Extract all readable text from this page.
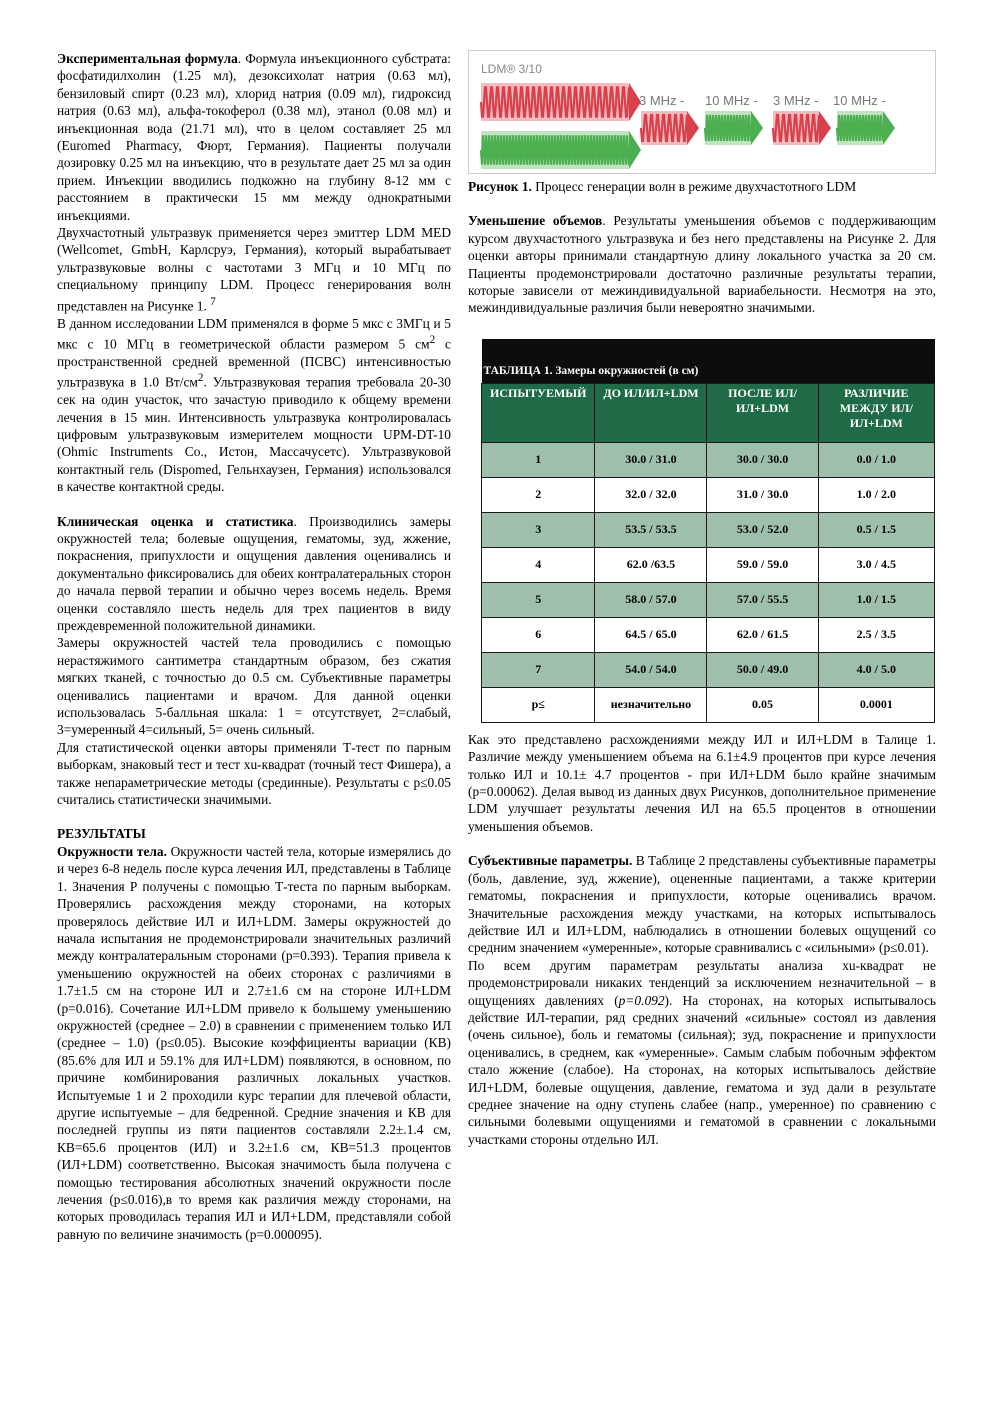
Экспериментальная формула. Формула инъекционного субстрата: фосфатидилхолин (1.25 мл), дезоксихолат натрия (0.63 мл), бензиловый спирт (0.23 мл), хлорид натрия (0.09 мл), гидроксид натрия (0.63 мл), альфа-токоферол (0.38 мл), этанол (0.08 мл) и инъекционная вода (21.71 мл), что в целом составляет 25 мл (Euromed Pharmacy, Фюрт, Германия). Пациенты получали дозировку 0.25 мл на инъекцию, что в результате дает 25 мл за один прием. Инъекции вводились подкожно на глубину 8-12 мм с расстоянием в практически 15 мм между однократными инъекциями.

Двухчастотный ультразвук применяется через эмиттер LDM MED (Wellcomet, GmbH, Карлсруэ, Германия), который вырабатывает ультразвуковые волны с частотами 3 МГц и 10 МГц по специальному принципу LDM. Процесс генерирования волн представлен на Рисунке 1. $^7$

В данном исследовании LDM применялся в форме 5 мкс с 3МГц и 5 мкс с 10 МГц в геометрической области размером 5 $см^2$ с пространственной средней временной (ПСВС) интенсивностью ультразвука в 1.0 $Вт/см^2$. Ультразвуковая терапия требовала 20-30 сек на один участок, что зачастую приводило к общему времени лечения в 15 мин. Интенсивность ультразвука контролировалась цифровым ультразвуковым измерителем мощности UPM-DT-10 (Ohmic Instruments Co., Истон, Массачусетс). Ультразвуковой контактный гель (Dispomed, Гельнхаузен, Германия) использовался в качестве контактной среды.

Клиническая оценка и статистика. Производились замеры окружностей тела; болевые ощущения, гематомы, зуд, жжение, покраснения, припухлости и ощущения давления оценивались и документально фиксировались для обеих контралатеральных сторон до начала первой терапии и обычно через восемь недель. Время оценки составляло шесть недель для трех пациентов в виду преждевременной положительной динамики.

Замеры окружностей частей тела проводились с помощью нерастяжимого сантиметра стандартным образом, без сжатия мягких тканей, с точностью до 0.5 см. Субъективные параметры оценивались пациентами и врачом. Для данной оценки использовалась 5-балльная шкала: 1 = отсутствует, 2=слабый, 3=умеренный 4=сильный, 5= очень сильный.

Для статистической оценки авторы применяли Т-тест по парным выборкам, знаковый тест и тест xu-квадрат (точный тест Фишера), а также непараметрические методы (срединные). Результаты с p≤0.05 считались статистически значимыми.

РЕЗУЛЬТАТЫ

Окружности тела. Окружности частей тела, которые измерялись до и через 6-8 недель после курса лечения ИЛ, представлены в Таблице 1. Значения Р получены с помощью Т-теста по парным выборкам. Проверялись расхождения между сторонами, на которых проверялось действие ИЛ и ИЛ+LDM. Замеры окружностей до начала испытания не продемонстрировали значительных различий между контралатеральным сторонами (p=0.393). Терапия привела к уменьшению окружностей на обеих сторонах с различиями в 1.7±1.5 см на стороне ИЛ и 2.7±1.6 см на стороне ИЛ+LDM (p=0.016). Сочетание ИЛ+LDM привело к большему уменьшению окружностей (среднее – 2.0) в сравнении с применением только ИЛ (среднее – 1.0) (p≤0.05). Высокие коэффициенты вариации (КВ) (85.6% для ИЛ и 59.1% для ИЛ+LDM) появляются, в основном, по причине комбинирования различных локальных участков. Испытуемые 1 и 2 проходили курс терапии для плечевой области, другие испытуемые – для бедренной. Средние значения и КВ для последней группы из пяти пациентов составляли 2.2±.1.4 см, КВ=65.6 процентов (ИЛ) и 3.2±1.6 см, КВ=51.3 процентов (ИЛ+LDM) соответственно. Высокая значимость была получена с помощью тестирования абсолютных значений окружности после лечения (p≤0.016),в то время как различия между сторонами, на которых проводилась терапия ИЛ и ИЛ+LDM, представляли собой равную по величине значимость (p=0.000095).

LDM® 3/10
3 MHz - 10 MHz - 3 MHz - 10 MHz -

Рисунок 1. Процесс генерации волн в режиме двухчастотного LDM

Уменьшение объемов. Результаты уменьшения объемов с поддерживающим курсом двухчастотного ультразвука и без него представлены на Рисунке 2. Для оценки авторы принимали стандартную длину локального участка за 20 см. Пациенты продемонстрировали достаточно различные результаты терапии, которые зависели от межиндивидуальной вариабельности. Несмотря на это, межиндивидуальные различия были невероятно значимыми.

ТАБЛИЦА 1. Замеры окружностей (в см)			
ИСПЫТУЕМЫЙ	ДО ИЛ/ИЛ+LDM	ПОСЛЕ ИЛ/ИЛ+LDM	РАЗЛИЧИЕ МЕЖДУ ИЛ/ИЛ+LDM
1	30.0 / 31.0	30.0 / 30.0	0.0 / 1.0
2	32.0 / 32.0	31.0 / 30.0	1.0 / 2.0
3	53.5 / 53.5	53.0 / 52.0	0.5 / 1.5
4	62.0 /63.5	59.0 / 59.0	3.0 / 4.5
5	58.0 / 57.0	57.0 / 55.5	1.0 / 1.5
6	64.5 / 65.0	62.0 / 61.5	2.5 / 3.5
7	54.0 / 54.0	50.0 / 49.0	4.0 / 5.0
p≤	незначительно	0.05	0.0001

Как это представлено расхождениями между ИЛ и ИЛ+LDM в Талице 1. Различие между уменьшением объема на 6.1±4.9 процентов при курсе лечения только ИЛ и 10.1± 4.7 процентов - при ИЛ+LDM было крайне значимым (p=0.00062). Делая вывод из данных двух Рисунков, дополнительное применение LDM улучшает результаты лечения ИЛ на 65.5 процентов в отношении уменьшения объемов.

Субъективные параметры. В Таблице 2 представлены субъективные параметры (боль, давление, зуд, жжение), оцененные пациентами, а также критерии гематомы, покраснения и припухлости, которые оценивались врачом. Значительные расхождения между участками, на которых испытывалось действие ИЛ и ИЛ+LDM, наблюдались в отношении болевых ощущений со средним значением «умеренные», которые сравнивались с «сильными» (p≤0.01).

По всем другим параметрам результаты анализа xu-квадрат не продемонстрировали никаких тенденций за исключением незначительной – в ощущениях давлениях (p=0.092). На сторонах, на которых испытывалось действие ИЛ-терапии, ряд средних значений «сильные» состоял из давления (очень сильное), боль и гематомы (сильная); зуд, покраснение и припухлости оценивались, в среднем, как «умеренные». Самым слабым побочным эффектом стало жжение (слабое). На сторонах, на которых испытывалось действие ИЛ+LDM, болевые ощущения, давление, гематома и зуд дали в результате среднее значение на одну ступень слабее (напр., умеренное) по сравнению с сильными болевыми ощущениями и гематомой в сравнении с локальными участками стороны отдельно ИЛ.
